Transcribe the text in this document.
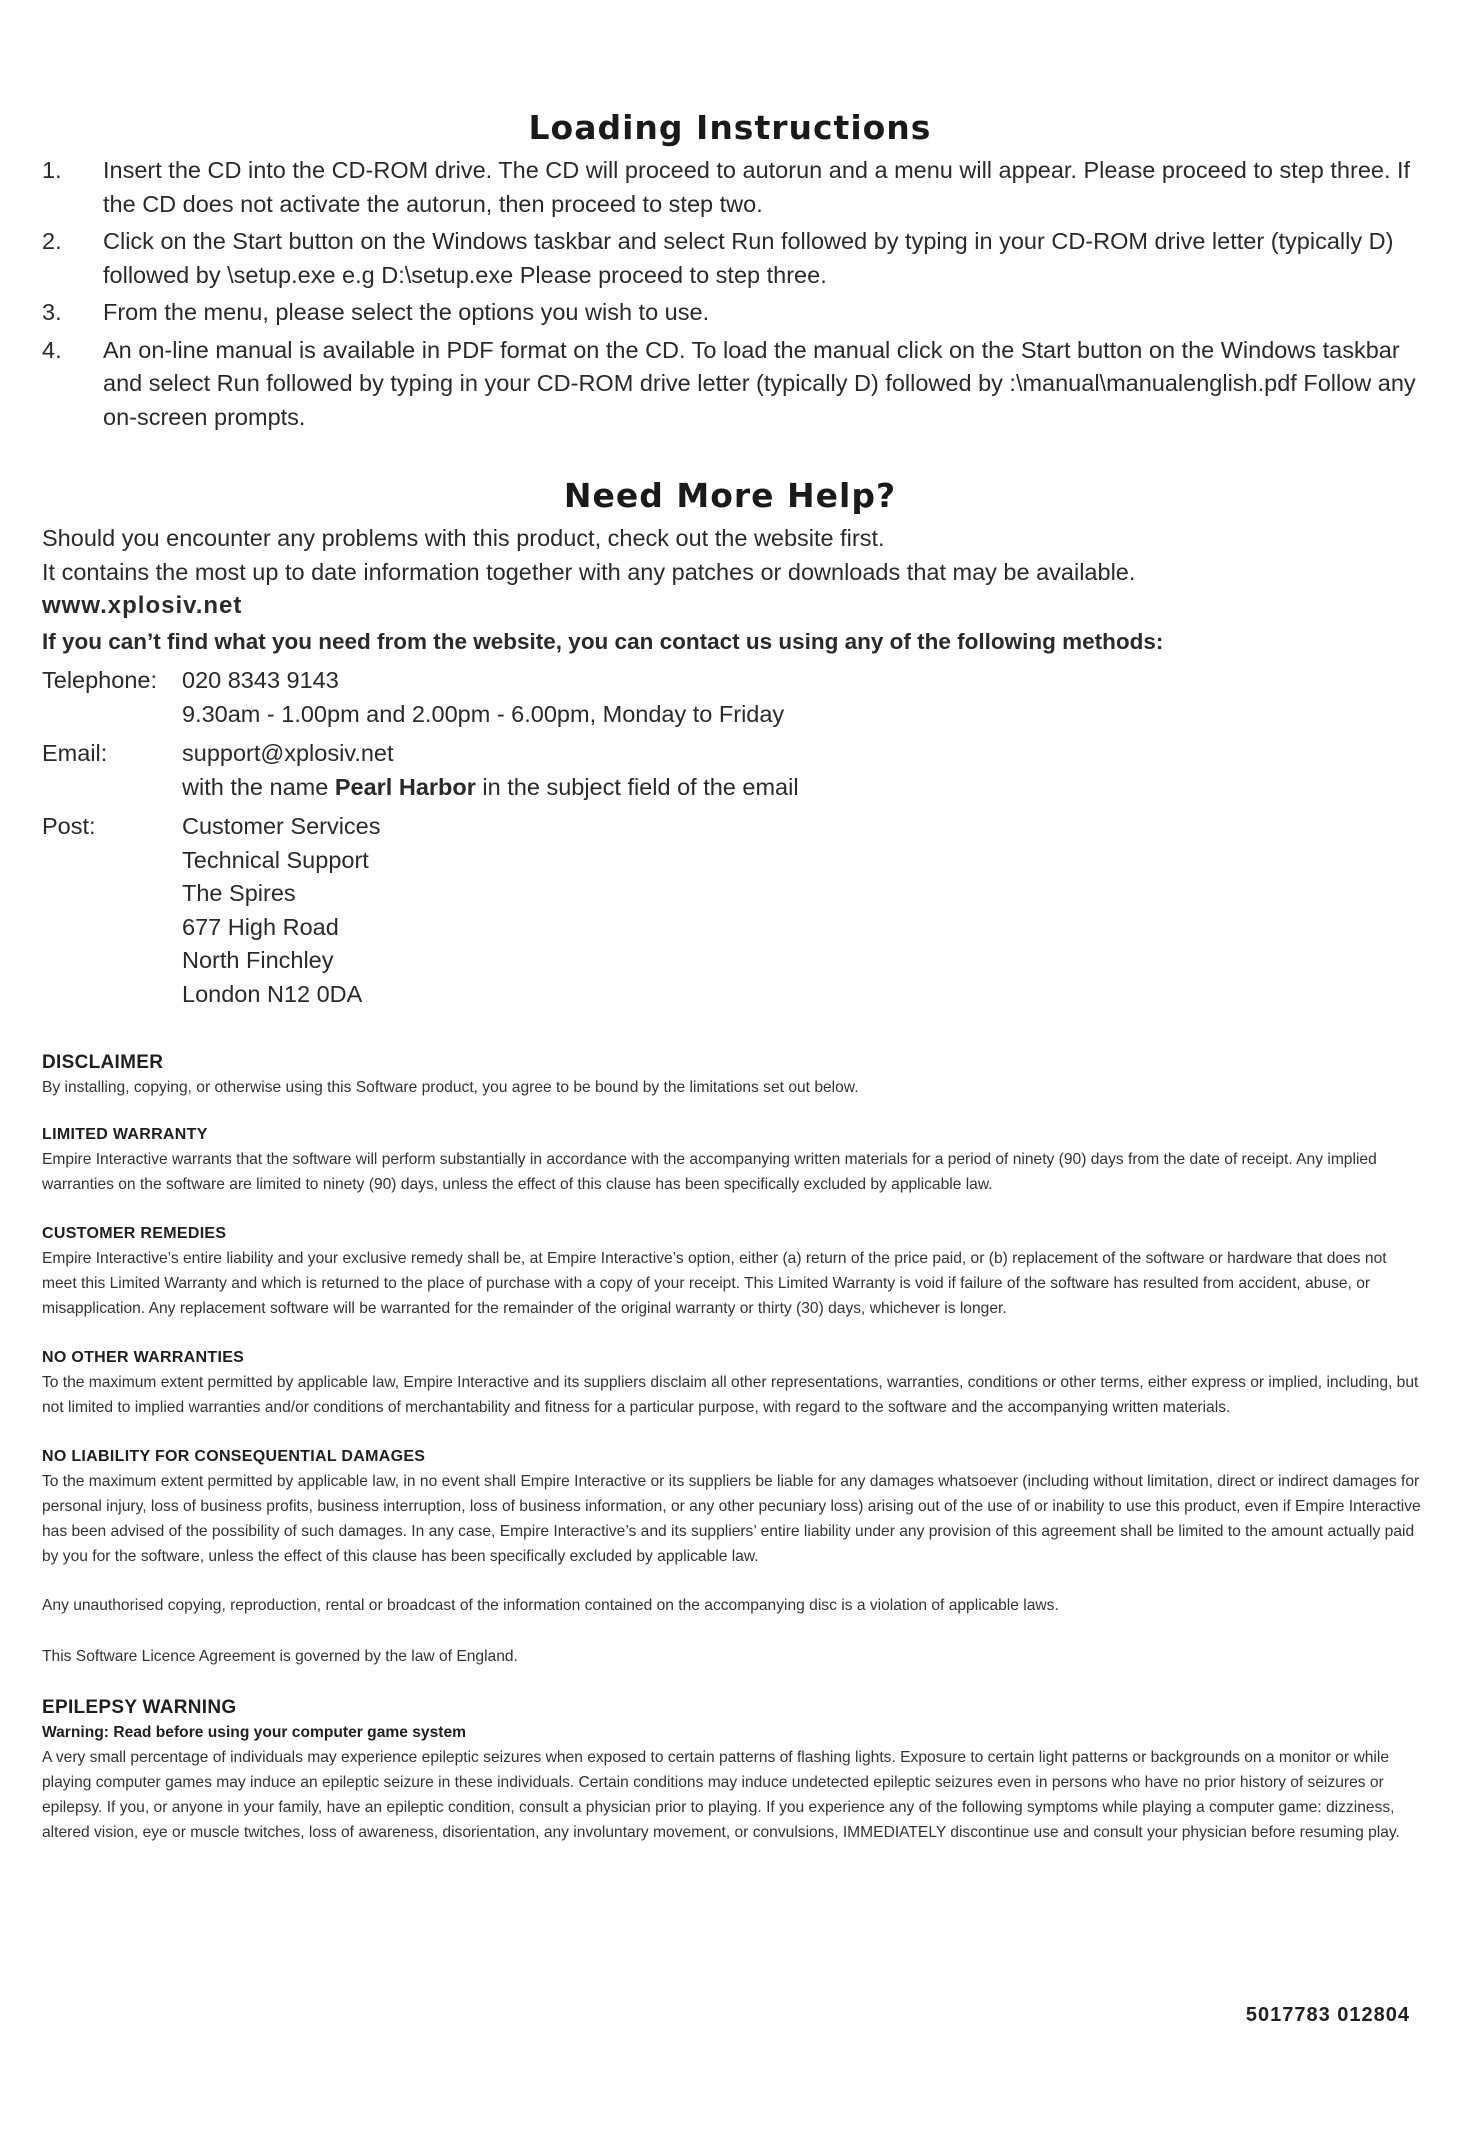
Loading Instructions
1.	Insert the CD into the CD-ROM drive. The CD will proceed to autorun and a menu will appear. Please proceed to step three. If the CD does not activate the autorun, then proceed to step two.
2.	Click on the Start button on the Windows taskbar and select Run followed by typing in your CD-ROM drive letter (typically D) followed by \setup.exe e.g D:\setup.exe Please proceed to step three.
3.	From the menu, please select the options you wish to use.
4.	An on-line manual is available in PDF format on the CD. To load the manual click on the Start button on the Windows taskbar and select Run followed by typing in your CD-ROM drive letter (typically D) followed by :\manual\manualenglish.pdf Follow any on-screen prompts.
Need More Help?
Should you encounter any problems with this product, check out the website first.
It contains the most up to date information together with any patches or downloads that may be available.
www.xplosiv.net
If you can’t find what you need from the website, you can contact us using any of the following methods:
Telephone:	020 8343 9143
9.30am - 1.00pm and 2.00pm - 6.00pm, Monday to Friday
Email:	support@xplosiv.net
with the name Pearl Harbor in the subject field of the email
Post:	Customer Services
Technical Support
The Spires
677 High Road
North Finchley
London N12 0DA
DISCLAIMER
By installing, copying, or otherwise using this Software product, you agree to be bound by the limitations set out below.
LIMITED WARRANTY
Empire Interactive warrants that the software will perform substantially in accordance with the accompanying written materials for a period of ninety (90) days from the date of receipt. Any implied warranties on the software are limited to ninety (90) days, unless the effect of this clause has been specifically excluded by applicable law.
CUSTOMER REMEDIES
Empire Interactive’s entire liability and your exclusive remedy shall be, at Empire Interactive’s option, either (a) return of the price paid, or (b) replacement of the software or hardware that does not meet this Limited Warranty and which is returned to the place of purchase with a copy of your receipt. This Limited Warranty is void if failure of the software has resulted from accident, abuse, or misapplication. Any replacement software will be warranted for the remainder of the original warranty or thirty (30) days, whichever is longer.
NO OTHER WARRANTIES
To the maximum extent permitted by applicable law, Empire Interactive and its suppliers disclaim all other representations, warranties, conditions or other terms, either express or implied, including, but not limited to implied warranties and/or conditions of merchantability and fitness for a particular purpose, with regard to the software and the accompanying written materials.
NO LIABILITY FOR CONSEQUENTIAL DAMAGES
To the maximum extent permitted by applicable law, in no event shall Empire Interactive or its suppliers be liable for any damages whatsoever (including without limitation, direct or indirect damages for personal injury, loss of business profits, business interruption, loss of business information, or any other pecuniary loss) arising out of the use of or inability to use this product, even if Empire Interactive has been advised of the possibility of such damages. In any case, Empire Interactive’s and its suppliers’ entire liability under any provision of this agreement shall be limited to the amount actually paid by you for the software, unless the effect of this clause has been specifically excluded by applicable law.
Any unauthorised copying, reproduction, rental or broadcast of the information contained on the accompanying disc is a violation of applicable laws.
This Software Licence Agreement is governed by the law of England.
EPILEPSY WARNING
Warning: Read before using your computer game system
A very small percentage of individuals may experience epileptic seizures when exposed to certain patterns of flashing lights. Exposure to certain light patterns or backgrounds on a monitor or while playing computer games may induce an epileptic seizure in these individuals. Certain conditions may induce undetected epileptic seizures even in persons who have no prior history of seizures or epilepsy. If you, or anyone in your family, have an epileptic condition, consult a physician prior to playing. If you experience any of the following symptoms while playing a computer game: dizziness, altered vision, eye or muscle twitches, loss of awareness, disorientation, any involuntary movement, or convulsions, IMMEDIATELY discontinue use and consult your physician before resuming play.
5017783 012804
